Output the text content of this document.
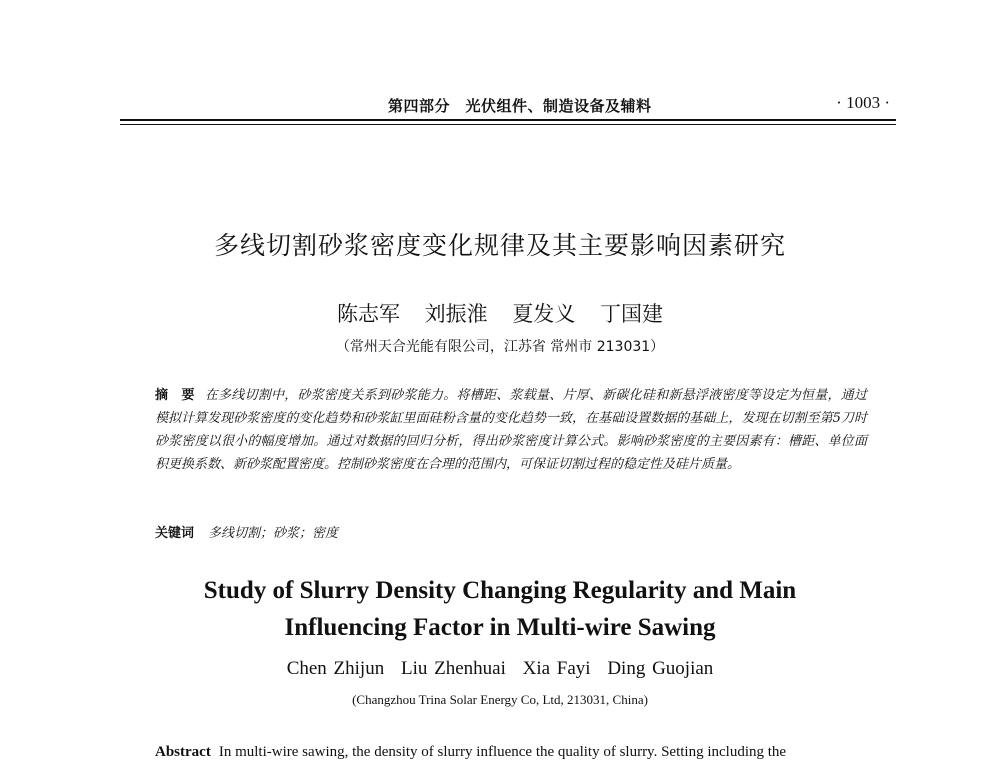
第四部分　光伏组件、制造设备及辅料	· 1003 ·
多线切割砂浆密度变化规律及其主要影响因素研究
陈志军 刘振淮 夏发义 丁国建
（常州天合光能有限公司，江苏省 常州市 213031）
摘　要 在多线切割中，砂浆密度关系到砂浆能力。将槽距、浆载量、片厚、新碳化硅和新悬浮液密度等设定为恒量，通过模拟计算发现砂浆密度的变化趋势和砂浆缸里面硅粉含量的变化趋势一致，在基础设置数据的基础上，发现在切割至第5刀时砂浆密度以很小的幅度增加。通过对数据的回归分析，得出砂浆密度计算公式。影响砂浆密度的主要因素有：槽距、单位面积更换系数、新砂浆配置密度。控制砂浆密度在合理的范围内，可保证切割过程的稳定性及硅片质量。
关键词 多线切割；砂浆；密度
Study of Slurry Density Changing Regularity and Main
Influencing Factor in Multi-wire Sawing
Chen Zhijun Liu Zhenhuai Xia Fayi Ding Guojian
(Changzhou Trina Solar Energy Co, Ltd, 213031, China)
Abstract In multi-wire sawing, the density of slurry influence the quality of slurry. Setting including the
